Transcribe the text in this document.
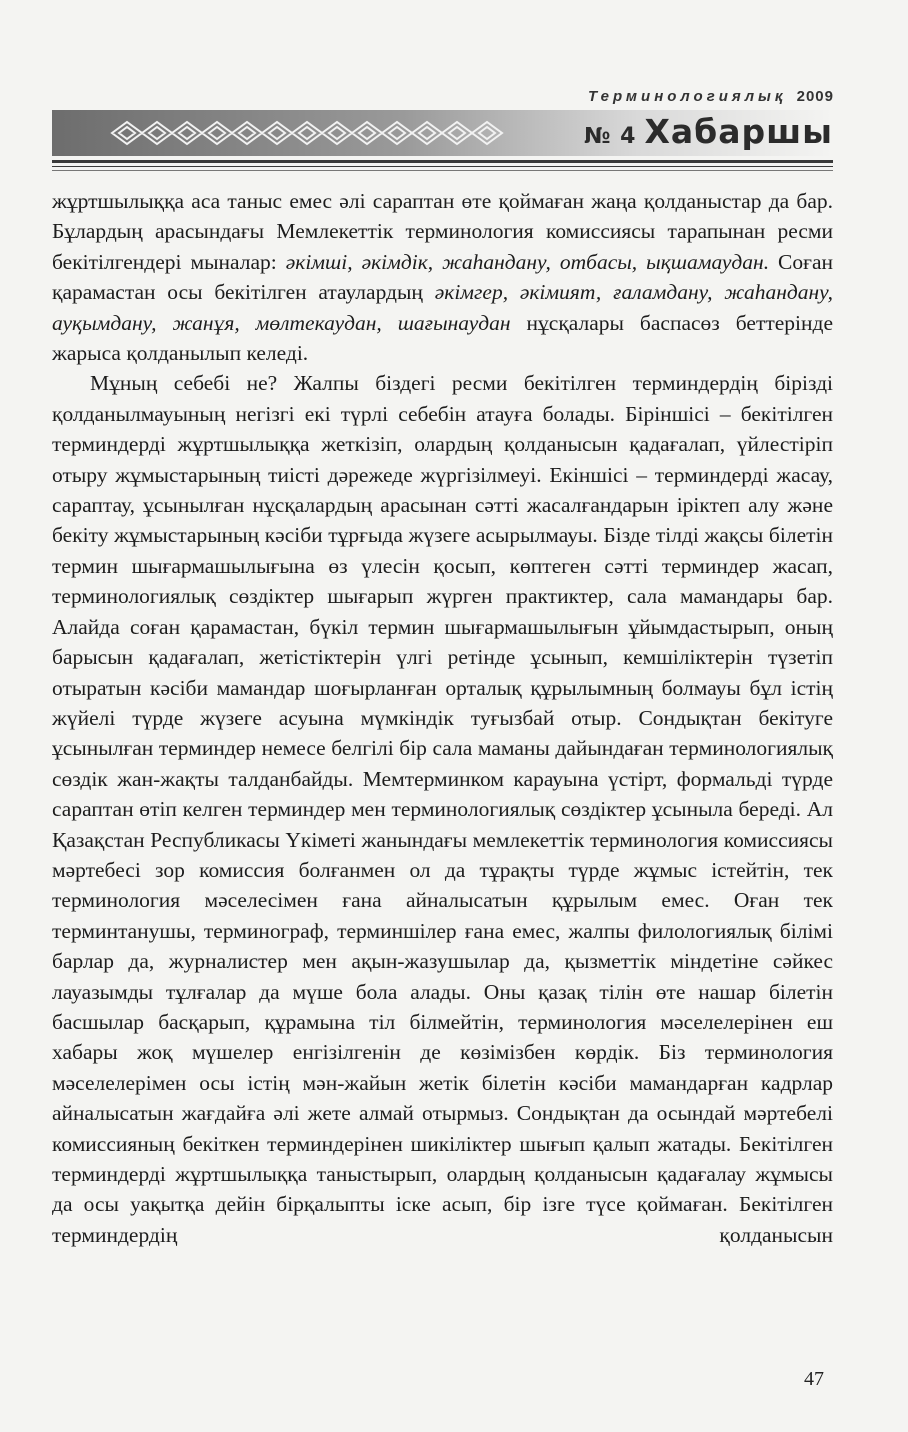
Терминологиялық 2009
№ 4 Хабаршы

жұртшылыққа аса таныс емес әлі сараптан өте қоймаған жаңа қолданыстар да бар. Бұлардың арасындағы Мемлекеттік терминология комиссиясы тарапынан ресми бекітілгендері мыналар: әкімші, әкімдік, жаһандану, отбасы, ықшамаудан. Соған қарамастан осы бекітілген атаулардың әкімгер, әкімият, ғаламдану, жаһандану, ауқымдану, жанұя, мөлтекаудан, шағынаудан нұсқалары баспасөз беттерінде жарыса қолданылып келеді.

Мұның себебі не? Жалпы біздегі ресми бекітілген терминдердің бірізді қолданылмауының негізгі екі түрлі себебін атауға болады. Біріншісі – бекітілген терминдерді жұртшылыққа жеткізіп, олардың қолданысын қадағалап, үйлестіріп отыру жұмыстарының тиісті дәрежеде жүргізілмеуі. Екіншісі – терминдерді жасау, сараптау, ұсынылған нұсқалардың арасынан сәтті жасалғандарын іріктеп алу және бекіту жұмыстарының кәсіби тұрғыда жүзеге асырылмауы. Бізде тілді жақсы білетін термин шығармашылығына өз үлесін қосып, көптеген сәтті терминдер жасап, терминологиялық сөздіктер шығарып жүрген практиктер, сала мамандары бар. Алайда соған қарамастан, бүкіл термин шығармашылығын ұйымдастырып, оның барысын қадағалап, жетістіктерін үлгі ретінде ұсынып, кемшіліктерін түзетіп отыратын кәсіби мамандар шоғырланған орталық құрылымның болмауы бұл істің жүйелі түрде жүзеге асуына мүмкіндік туғызбай отыр. Сондықтан бекітуге ұсынылған терминдер немесе белгілі бір сала маманы дайындаған терминологиялық сөздік жан-жақты талданбайды. Мемтерминком карауына үстірт, формальді түрде сараптан өтіп келген терминдер мен терминологиялық сөздіктер ұсынылa береді. Ал Қазақстан Республикасы Үкіметі жанындағы мемлекеттік терминология комиссиясы мәртебесі зор комиссия болғанмен ол да тұрақты түрде жұмыс істейтін, тек терминология мәселесімен ғана айналысатын құрылым емес. Оған тек терминтанушы, терминограф, терминшілер ғана емес, жалпы филологиялық білімі барлар да, журналистер мен ақын-жазушылар да, қызметтік міндетіне сәйкес лауазымды тұлғалар да мүше бола алады. Оны қазақ тілін өте нашар білетін басшылар басқарып, құрамына тіл білмейтін, терминология мәселелерінен еш хабары жоқ мүшелер енгізілгенін де көзімізбен көрдік. Біз терминология мәселелерімен осы істің мән-жайын жетік білетін кәсіби мамандарған кадрлар айналысатын жағдайға әлі жете алмай отырмыз. Сондықтан да осындай мәртебелі комиссияның бекіткен терминдерінен шикіліктер шығып қалып жатады. Бекітілген терминдерді жұртшылыққа таныстырып, олардың қолданысын қадағалау жұмысы да осы уақытқа дейін бірқалыпты іске асып, бір ізге түсе қоймаған. Бекітілген терминдердің қолданысын

47
